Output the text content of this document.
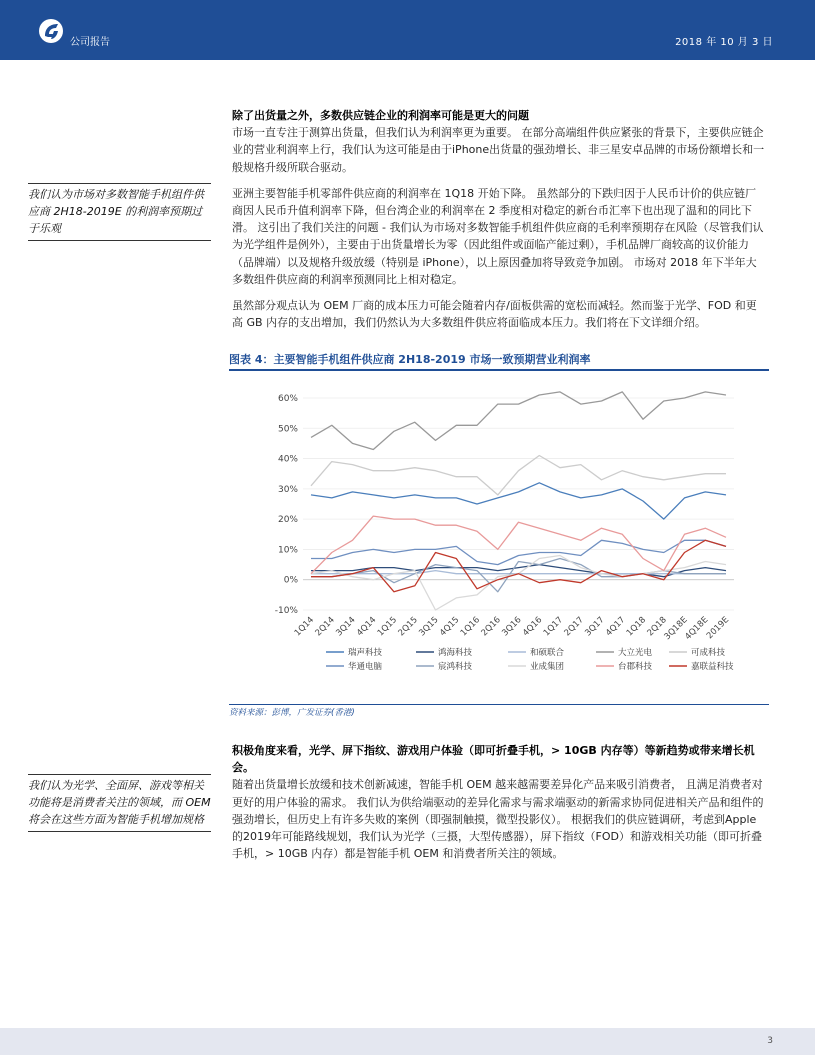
公司报告	2018 年 10 月 3 日
我们认为市场对多数智能手机组件供应商 2H18-2019E 的利润率预期过于乐观
我们认为光学、全面屏、游戏等相关功能将是消费者关注的领域，而 OEM 将会在这些方面为智能手机增加规格
除了出货量之外，多数供应链企业的利润率可能是更大的问题
市场一直专注于测算出货量，但我们认为利润率更为重要。 在部分高端组件供应紧张的背景下，主要供应链企业的营业利润率上行，我们认为这可能是由于iPhone出货量的强劲增长、非三星安卓品牌的市场份额增长和一般规格升级所联合驱动。
亚洲主要智能手机零部件供应商的利润率在 1Q18 开始下降。 虽然部分的下跌归因于人民币计价的供应链厂商因人民币升值利润率下降，但台湾企业的利润率在 2 季度相对稳定的新台币汇率下也出现了温和的同比下滑。 这引出了我们关注的问题 - 我们认为市场对多数智能手机组件供应商的毛利率预期存在风险（尽管我们认为光学组件是例外），主要由于出货量增长为零（因此组件或面临产能过剩），手机品牌厂商较高的议价能力（品牌端）以及规格升级放缓（特别是 iPhone），以上原因叠加将导致竞争加剧。 市场对 2018 年下半年大多数组件供应商的利润率预测同比上相对稳定。
虽然部分观点认为 OEM 厂商的成本压力可能会随着内存/面板供需的宽松而减轻。然而鉴于光学、FOD 和更高 GB 内存的支出增加，我们仍然认为大多数组件供应将面临成本压力。我们将在下文详细介绍。
图表 4：主要智能手机组件供应商 2H18-2019 市场一致预期营业利润率
-10%
0%
10%
20%
30%
40%
50%
60%
1Q14
2Q14
3Q14
4Q14
1Q15
2Q15
3Q15
4Q15
1Q16
2Q16
3Q16
4Q16
1Q17
2Q17
3Q17
4Q17
1Q18
2Q18
3Q18E
4Q18E
2019E
瑞声科技	鸿海科技	和硕联合	大立光电	可成科技
华通电脑	宸鸿科技	业成集团	台郡科技	嘉联益科技
资料来源：彭博，广发证券(香港)
积极角度来看，光学、屏下指纹、游戏用户体验（即可折叠手机，> 10GB 内存等）等新趋势或带来增长机会。
随着出货量增长放缓和技术创新减速，智能手机 OEM 越来越需要差异化产品来吸引消费者， 且满足消费者对更好的用户体验的需求。 我们认为供给端驱动的差异化需求与需求端驱动的新需求协同促进相关产品和组件的强劲增长，但历史上有许多失败的案例（即强制触摸，微型投影仪）。 根据我们的供应链调研，考虑到Apple的2019年可能路线规划，我们认为光学（三摄，大型传感器），屏下指纹（FOD）和游戏相关功能（即可折叠手机，> 10GB 内存）都是智能手机 OEM 和消费者所关注的领域。
3
